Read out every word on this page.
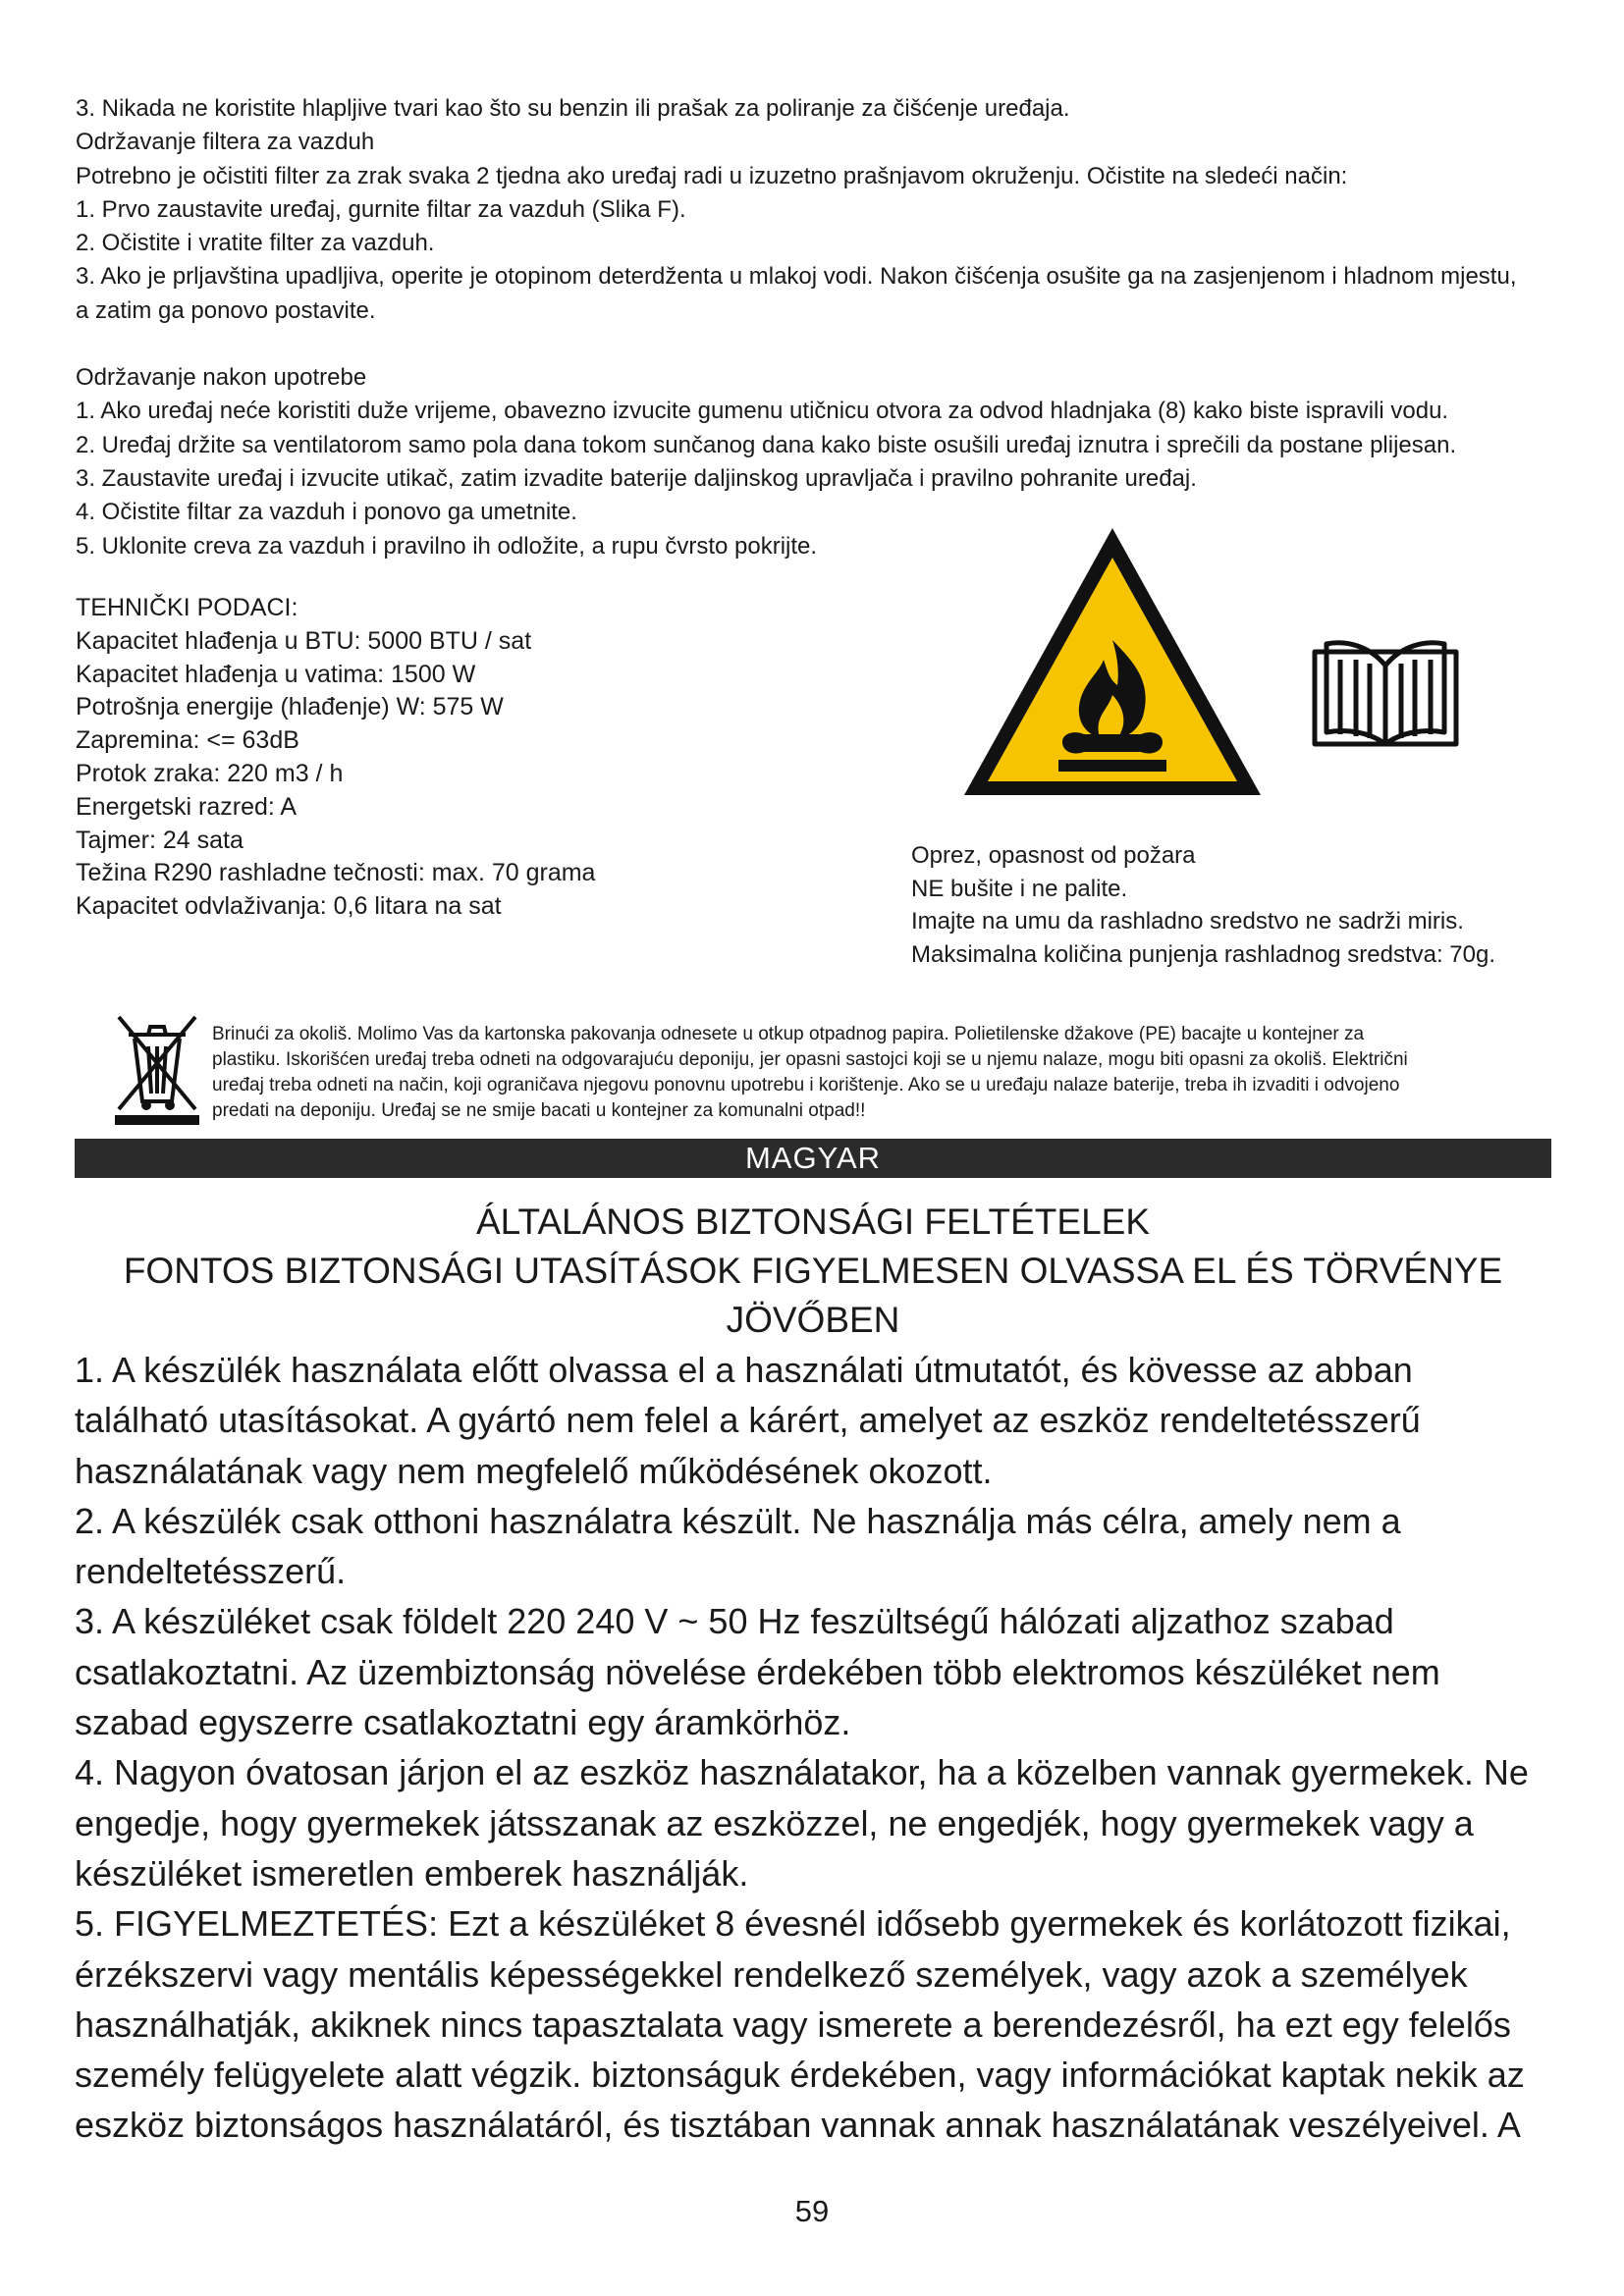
3. Nikada ne koristite hlapljive tvari kao što su benzin ili prašak za poliranje za čišćenje uređaja.
Održavanje filtera za vazduh
Potrebno je očistiti filter za zrak svaka 2 tjedna ako uređaj radi u izuzetno prašnjavom okruženju. Očistite na sledeći način:
1. Prvo zaustavite uređaj, gurnite filtar za vazduh (Slika F).
2. Očistite i vratite filter za vazduh.
3. Ako je prljavština upadljiva, operite je otopinom deterdženta u mlakoj vodi. Nakon čišćenja osušite ga na zasjenjenom i hladnom mjestu,
a zatim ga ponovo postavite.
Održavanje nakon upotrebe
1. Ako uređaj neće koristiti duže vrijeme, obavezno izvucite gumenu utičnicu otvora za odvod hladnjaka (8) kako biste ispravili vodu.
2. Uređaj držite sa ventilatorom samo pola dana tokom sunčanog dana kako biste osušili uređaj iznutra i sprečili da postane plijesan.
3. Zaustavite uređaj i izvucite utikač, zatim izvadite baterije daljinskog upravljača i pravilno pohranite uređaj.
4. Očistite filtar za vazduh i ponovo ga umetnite.
5. Uklonite creva za vazduh i pravilno ih odložite, a rupu čvrsto pokrijte.
TEHNIČKI PODACI:
Kapacitet hlađenja u BTU: 5000 BTU / sat
Kapacitet hlađenja u vatima: 1500 W
Potrošnja energije (hlađenje) W: 575 W
Zapremina: <= 63dB
Protok zraka: 220 m3 / h
Energetski razred: A
Tajmer: 24 sata
Težina R290 rashladne tečnosti: max. 70 grama
Kapacitet odvlaživanja: 0,6 litara na sat
Oprez, opasnost od požara
NE bušite i ne palite.
Imajte na umu da rashladno sredstvo ne sadrži miris.
Maksimalna količina punjenja rashladnog sredstva: 70g.
Brinući za okoliš. Molimo Vas da kartonska pakovanja odnesete u otkup otpadnog papira. Polietilenske džakove (PE) bacajte u kontejner za
plastiku. Iskorišćen uređaj treba odneti na odgovarajuću deponiju, jer opasni sastojci koji se u njemu nalaze, mogu biti opasni za okoliš. Električni
uređaj treba odneti na način, koji ograničava njegovu ponovnu upotrebu i korištenje. Ako se u uređaju nalaze baterije, treba ih izvaditi i odvojeno
predati na deponiju. Uređaj se ne smije bacati u kontejner za komunalni otpad!!
MAGYAR
ÁLTALÁNOS BIZTONSÁGI FELTÉTELEK
FONTOS BIZTONSÁGI UTASÍTÁSOK FIGYELMESEN OLVASSA EL ÉS TÖRVÉNYE
JÖVŐBEN
1. A készülék használata előtt olvassa el a használati útmutatót, és kövesse az abban
található utasításokat. A gyártó nem felel a kárért, amelyet az eszköz rendeltetésszerű
használatának vagy nem megfelelő működésének okozott.
2. A készülék csak otthoni használatra készült. Ne használja más célra, amely nem a
rendeltetésszerű.
3. A készüléket csak földelt 220 240 V ~ 50 Hz feszültségű hálózati aljzathoz szabad
csatlakoztatni. Az üzembiztonság növelése érdekében több elektromos készüléket nem
szabad egyszerre csatlakoztatni egy áramkörhöz.
4. Nagyon óvatosan járjon el az eszköz használatakor, ha a közelben vannak gyermekek. Ne
engedje, hogy gyermekek játsszanak az eszközzel, ne engedjék, hogy gyermekek vagy a
készüléket ismeretlen emberek használják.
5. FIGYELMEZTETÉS: Ezt a készüléket 8 évesnél idősebb gyermekek és korlátozott fizikai,
érzékszervi vagy mentális képességekkel rendelkező személyek, vagy azok a személyek
használhatják, akiknek nincs tapasztalata vagy ismerete a berendezésről, ha ezt egy felelős
személy felügyelete alatt végzik. biztonságuk érdekében, vagy információkat kaptak nekik az
eszköz biztonságos használatáról, és tisztában vannak annak használatának veszélyeivel. A
59
